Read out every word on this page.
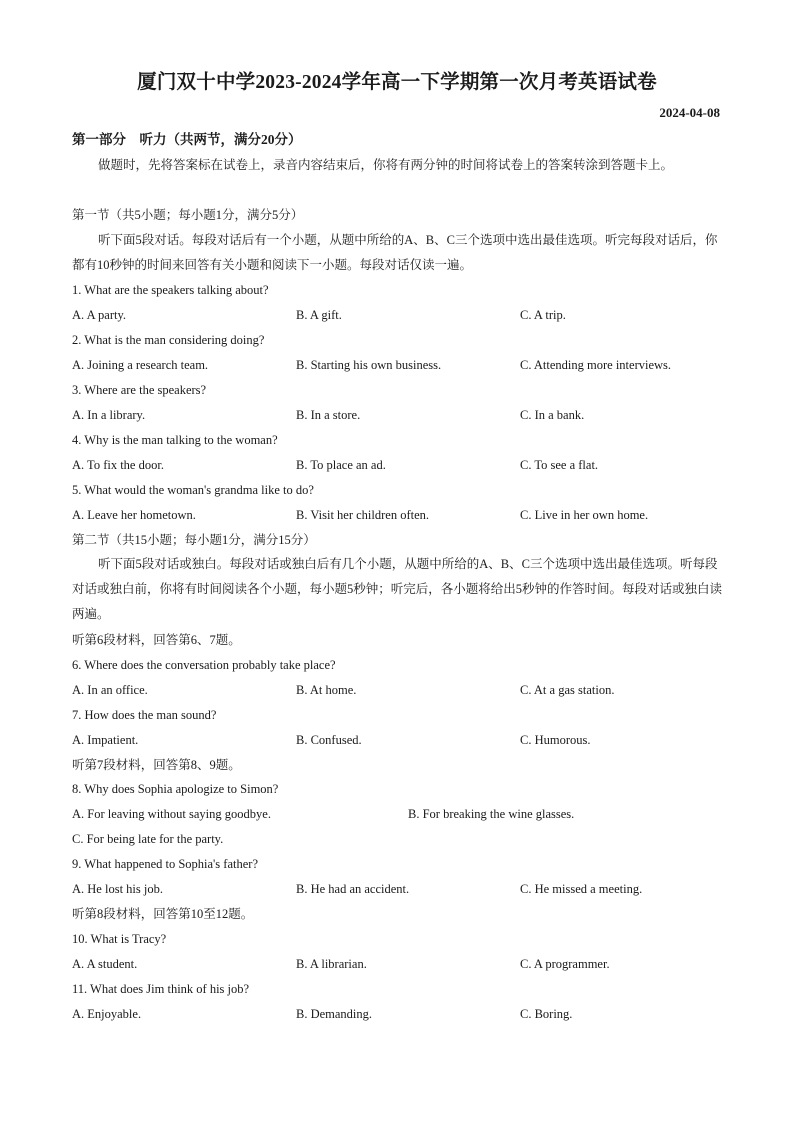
厦门双十中学2023-2024学年高一下学期第一次月考英语试卷
2024-04-08
第一部分　听力（共两节，满分20分）
做题时，先将答案标在试卷上，录音内容结束后，你将有两分钟的时间将试卷上的答案转涂到答题卡上。
第一节（共5小题；每小题1分，满分5分）
听下面5段对话。每段对话后有一个小题，从题中所给的A、B、C三个选项中选出最佳选项。听完每段对话后，你都有10秒钟的时间来回答有关小题和阅读下一小题。每段对话仅读一遍。
1. What are the speakers talking about?
A. A party.	B. A gift.	C. A trip.
2. What is the man considering doing?
A. Joining a research team.	B. Starting his own business.	C. Attending more interviews.
3. Where are the speakers?
A. In a library.	B. In a store.	C. In a bank.
4. Why is the man talking to the woman?
A. To fix the door.	B. To place an ad.	C. To see a flat.
5. What would the woman's grandma like to do?
A. Leave her hometown.	B. Visit her children often.	C. Live in her own home.
第二节（共15小题；每小题1分，满分15分）
听下面5段对话或独白。每段对话或独白后有几个小题，从题中所给的A、B、C三个选项中选出最佳选项。听每段对话或独白前，你将有时间阅读各个小题，每小题5秒钟；听完后，各小题将给出5秒钟的作答时间。每段对话或独白读两遍。
听第6段材料，回答第6、7题。
6. Where does the conversation probably take place?
A. In an office.	B. At home.	C. At a gas station.
7. How does the man sound?
A. Impatient.	B. Confused.	C. Humorous.
听第7段材料，回答第8、9题。
8. Why does Sophia apologize to Simon?
A. For leaving without saying goodbye.	B. For breaking the wine glasses.
C. For being late for the party.
9. What happened to Sophia's father?
A. He lost his job.	B. He had an accident.	C. He missed a meeting.
听第8段材料，回答第10至12题。
10. What is Tracy?
A. A student.	B. A librarian.	C. A programmer.
11. What does Jim think of his job?
A. Enjoyable.	B. Demanding.	C. Boring.
